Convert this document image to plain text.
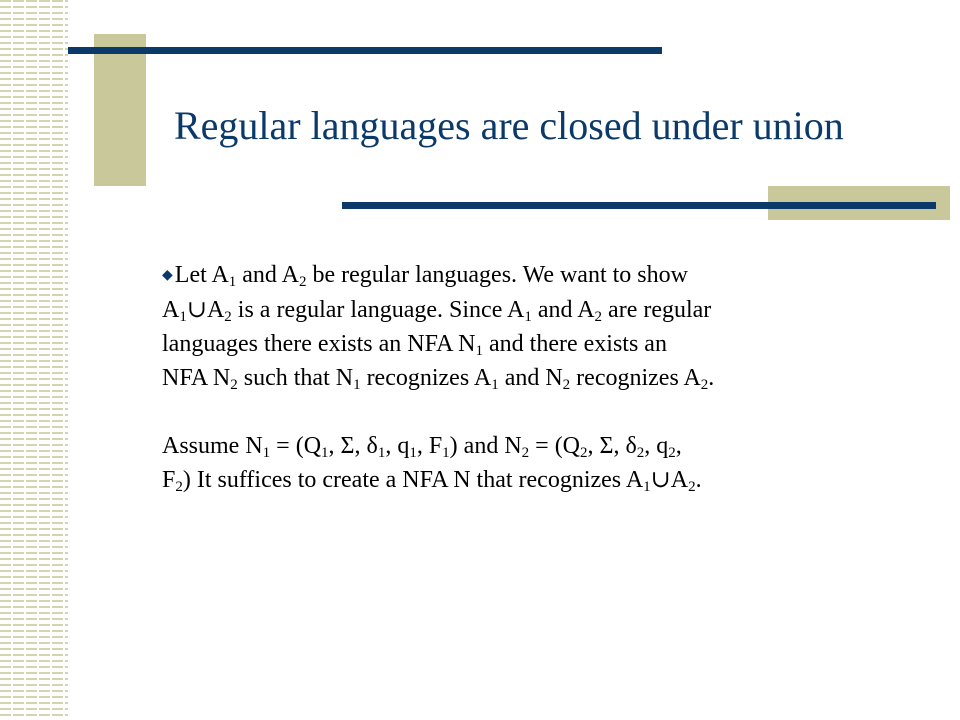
Regular languages are closed under union

◆Let $A_1$ and $A_2$ be regular languages. We want to show

$A_1\cup A_2$ is a regular language. Since $A_1$ and $A_2$ are regular

languages there exists an NFA $N_1$ and there exists an

NFA $N_2$ such that $N_1$ recognizes $A_1$ and $N_2$ recognizes $A_2$.

Assume $N_1 = (Q_1$, Σ, $\delta_1$, $q_1$, $F_1$) and $N_2 = (Q_2$, Σ, $\delta_2$, $q_2$,

$F_2$) It suffices to create a NFA N that recognizes $A_1\cup A_2$.
